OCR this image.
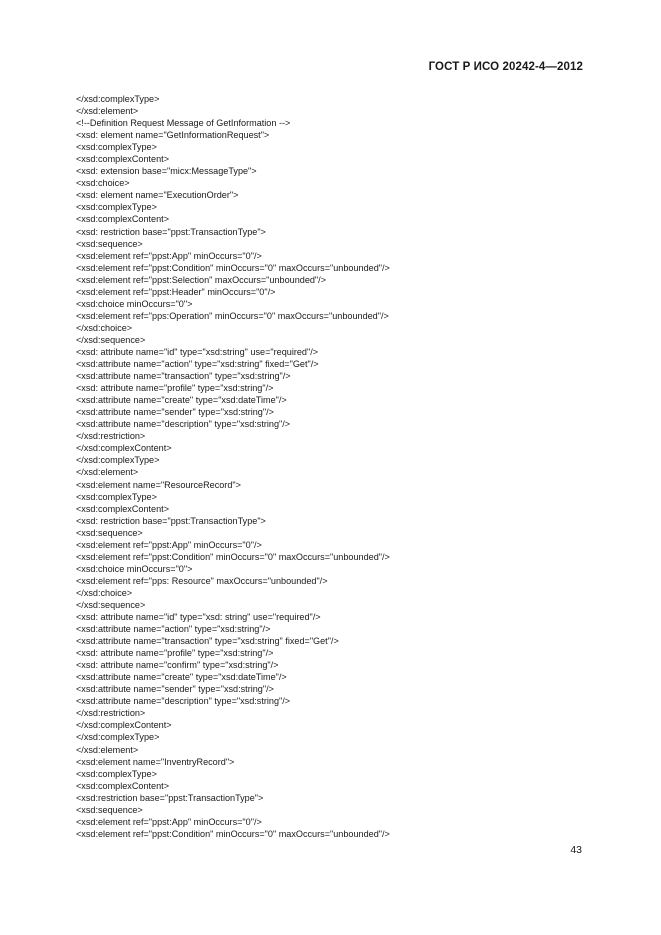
ГОСТ Р ИСО 20242-4—2012
</xsd:complexType>
</xsd:element>
<!--Definition Request Message of GetInformation -->
<xsd: element name="GetInformationRequest">
<xsd:complexType>
<xsd:complexContent>
<xsd: extension base="micx:MessageType">
<xsd:choice>
<xsd: element name="ExecutionOrder">
<xsd:complexType>
<xsd:complexContent>
<xsd: restriction base="ppst:TransactionType">
<xsd:sequence>
<xsd:element ref="ppst:App" minOccurs="0"/>
<xsd:element ref="ppst:Condition" minOccurs="0" maxOccurs="unbounded"/>
<xsd:element ref="ppst:Selection" maxOccurs="unbounded"/>
<xsd:element ref="ppst:Header" minOccurs="0"/>
<xsd:choice minOccurs="0">
<xsd:element ref="pps:Operation" minOccurs="0" maxOccurs="unbounded"/>
</xsd:choice>
</xsd:sequence>
<xsd: attribute name="id" type="xsd:string" use="required"/>
<xsd:attribute name="action" type="xsd:string" fixed="Get"/>
<xsd:attribute name="transaction" type="xsd:string"/>
<xsd: attribute name="profile" type="xsd:string"/>
<xsd:attribute name="create" type="xsd:dateTime"/>
<xsd:attribute name="sender" type="xsd:string"/>
<xsd:attribute name="description" type="xsd:string"/>
</xsd:restriction>
</xsd:complexContent>
</xsd:complexType>
</xsd:element>
<xsd:element name="ResourceRecord">
<xsd:complexType>
<xsd:complexContent>
<xsd: restriction base="ppst:TransactionType">
<xsd:sequence>
<xsd:element ref="ppst:App" minOccurs="0"/>
<xsd:element ref="ppst:Condition" minOccurs="0" maxOccurs="unbounded"/>
<xsd:choice minOccurs="0">
<xsd:element ref="pps: Resource" maxOccurs="unbounded"/>
</xsd:choice>
</xsd:sequence>
<xsd: attribute name="id" type="xsd: string" use="required"/>
<xsd:attribute name="action" type="xsd:string"/>
<xsd:attribute name="transaction" type="xsd:string" fixed="Get"/>
<xsd: attribute name="profile" type="xsd:string"/>
<xsd: attribute name="confirm" type="xsd:string"/>
<xsd:attribute name="create" type="xsd:dateTime"/>
<xsd:attribute name="sender" type="xsd:string"/>
<xsd:attribute name="description" type="xsd:string"/>
</xsd:restriction>
</xsd:complexContent>
</xsd:complexType>
</xsd:element>
<xsd:element name="InventryRecord">
<xsd:complexType>
<xsd:complexContent>
<xsd:restriction base="ppst:TransactionType">
<xsd:sequence>
<xsd:element ref="ppst:App" minOccurs="0"/>
<xsd:element ref="ppst:Condition" minOccurs="0" maxOccurs="unbounded"/>
43
